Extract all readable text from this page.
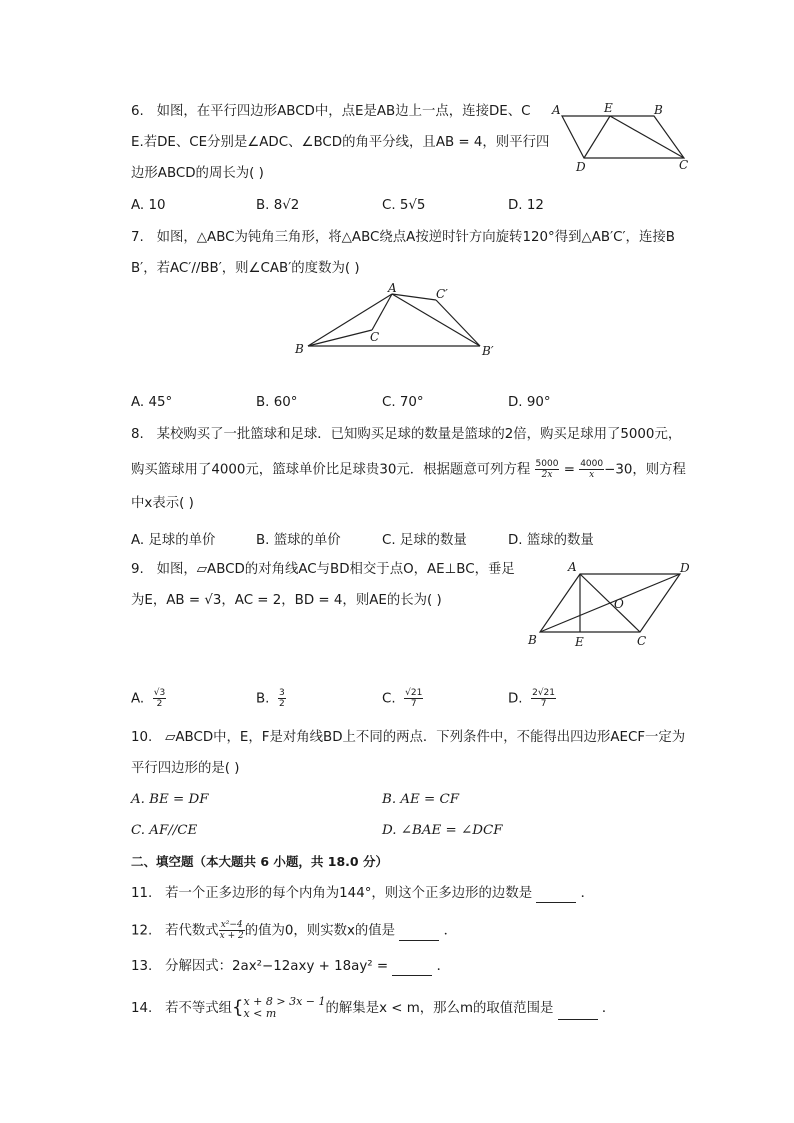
6. 如图，在平行四边形ABCD中，点E是AB边上一点，连接DE、C
E.若DE、CE分别是∠ADC、∠BCD的角平分线，且AB = 4，则平行四
边形ABCD的周长为( )
A	E	B
D	C
A. 10	B. 8√2	C. 5√5	D. 12
7. 如图，△ABC为钝角三角形，将△ABC绕点A按逆时针方向旋转120°得到△AB′C′，连接B
B′，若AC′//BB′，则∠CAB′的度数为( )
A	C′
C
B	B′
A. 45°	B. 60°	C. 70°	D. 90°
8. 某校购买了一批篮球和足球．已知购买足球的数量是篮球的2倍，购买足球用了5000元，
购买篮球用了4000元，篮球单价比足球贵30元．根据题意可列方程 $\frac{5000}{2x} = \frac{4000}{x} -30$，则方程
中x表示( )
A. 足球的单价	B. 篮球的单价	C. 足球的数量	D. 篮球的数量
9. 如图，▱ABCD的对角线AC与BD相交于点O，AE⊥BC，垂足
为E，AB = √3，AC = 2，BD = 4，则AE的长为( )
A	D
O
B	E	C
A. $\frac{√3}{2}$	B. $\frac{3}{2}$	C. $\frac{√21}{7}$	D. $\frac{2√21}{7}$
10. ▱ABCD中，E，F是对角线BD上不同的两点．下列条件中，不能得出四边形AECF一定为
平行四边形的是( )
A. BE = DF	B. AE = CF
C. AF//CE	D. ∠BAE = ∠DCF
二、填空题（本大题共 6 小题，共 18.0 分）
11. 若一个正多边形的每个内角为144°，则这个正多边形的边数是	．
12. 若代数式 $\frac{\text{x²−4}}{x + 2}$ 的值为0，则实数x的值是	．
13. 分解因式：2ax²−12axy + 18ay² =	．
14. 若不等式组{ x + 8 > 3x − 1
x < m	的解集是x < m，那么m的取值范围是	．
